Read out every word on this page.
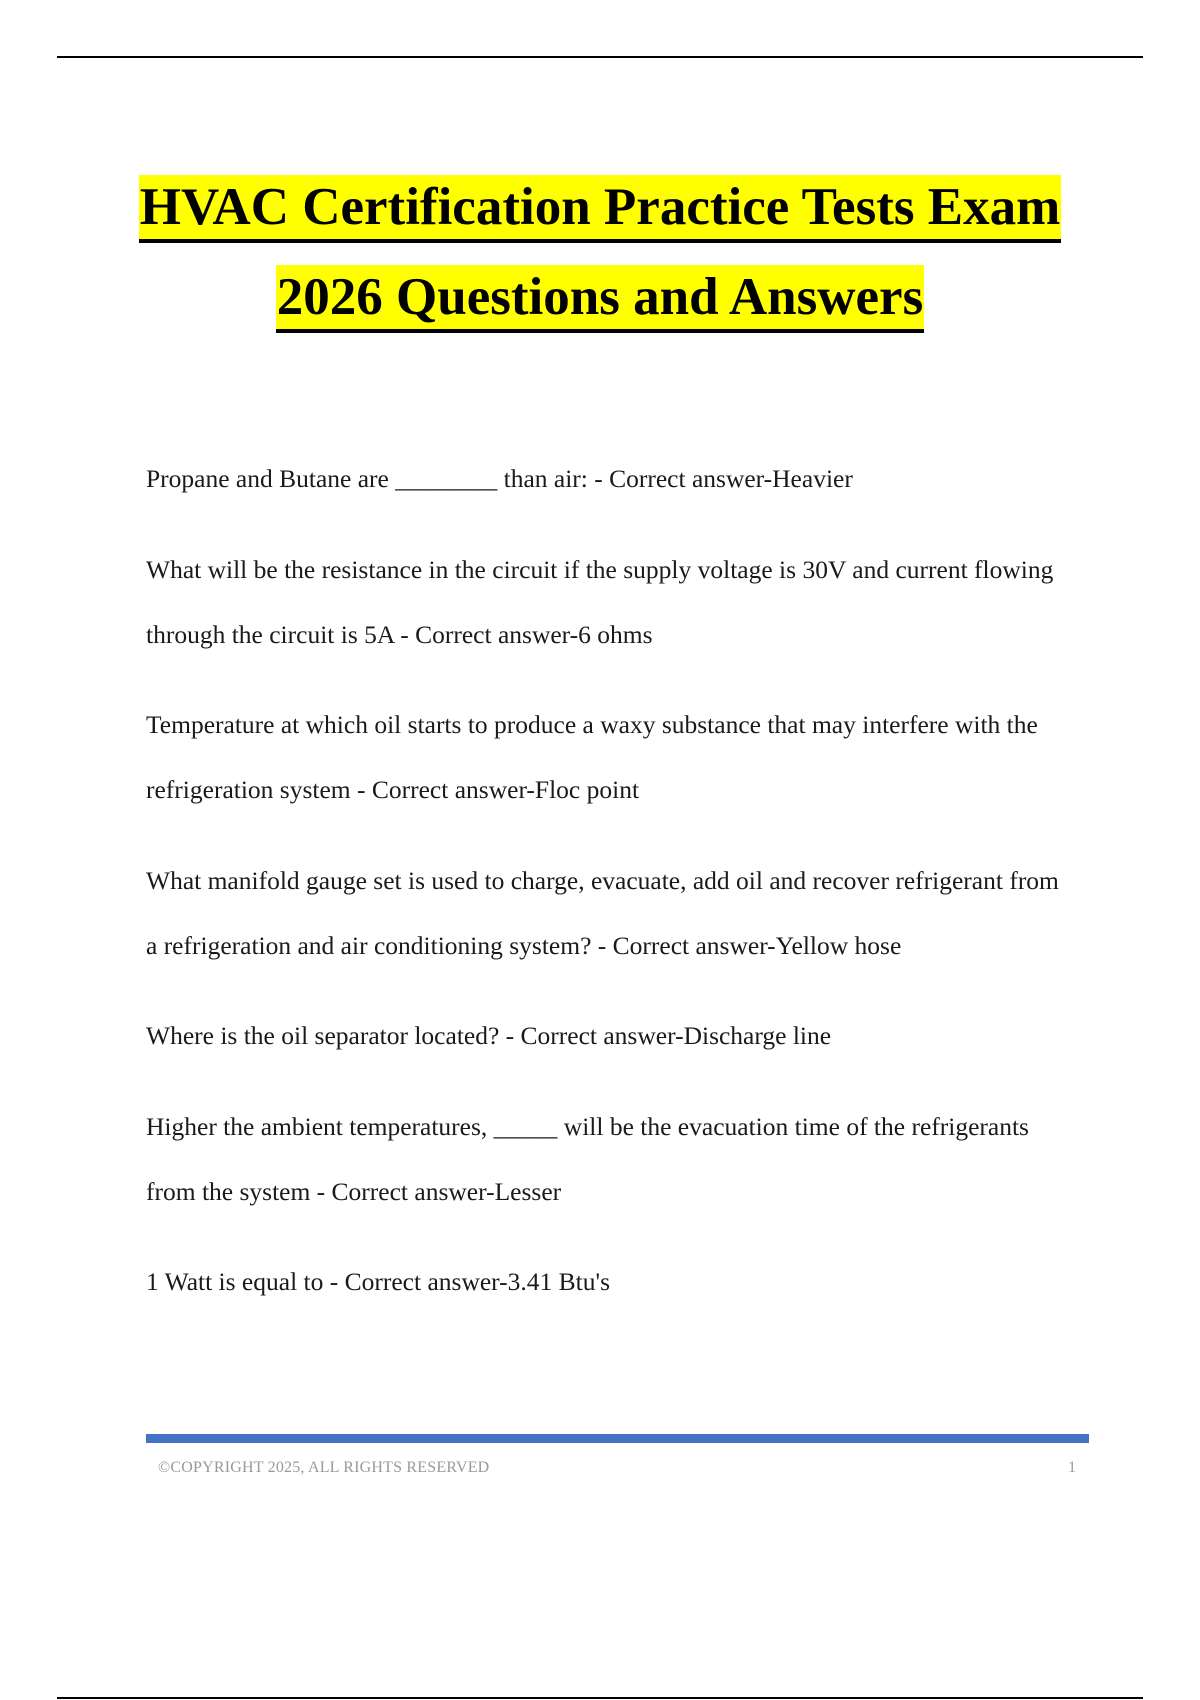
HVAC Certification Practice Tests Exam
2026 Questions and Answers

Propane and Butane are ________ than air: - Correct answer-Heavier

What will be the resistance in the circuit if the supply voltage is 30V and current flowing through the circuit is 5A - Correct answer-6 ohms

Temperature at which oil starts to produce a waxy substance that may interfere with the refrigeration system - Correct answer-Floc point

What manifold gauge set is used to charge, evacuate, add oil and recover refrigerant from a refrigeration and air conditioning system? - Correct answer-Yellow hose

Where is the oil separator located? - Correct answer-Discharge line

Higher the ambient temperatures, _____ will be the evacuation time of the refrigerants from the system - Correct answer-Lesser

1 Watt is equal to - Correct answer-3.41 Btu's

©COPYRIGHT 2025, ALL RIGHTS RESERVED	1
